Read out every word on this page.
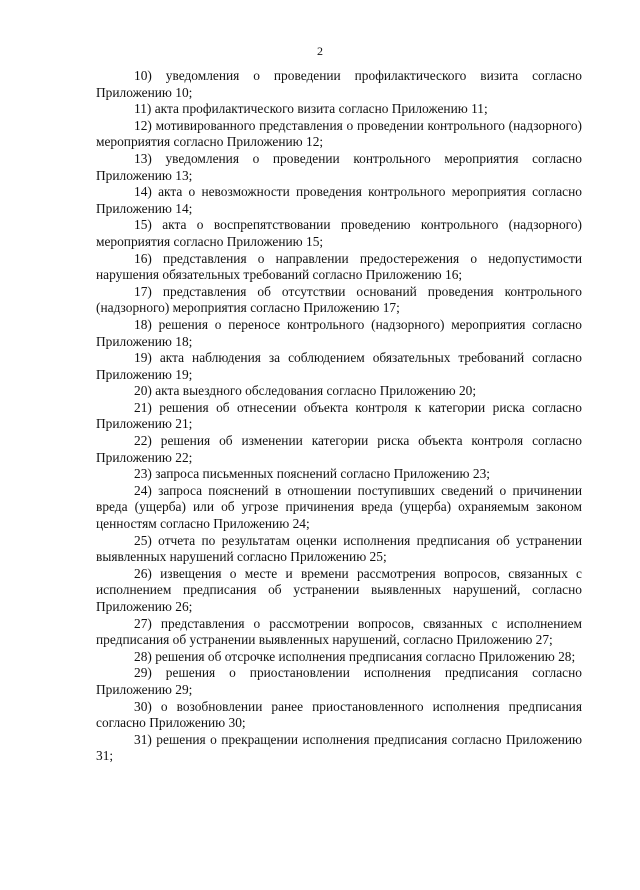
2

10) уведомления о проведении профилактического визита согласно Приложению 10;

11) акта профилактического визита согласно Приложению 11;

12) мотивированного представления о проведении контрольного (надзорного) мероприятия согласно Приложению 12;

13) уведомления о проведении контрольного мероприятия согласно Приложению 13;

14) акта о невозможности проведения контрольного мероприятия согласно Приложению 14;

15) акта о воспрепятствовании проведению контрольного (надзорного) мероприятия согласно Приложению 15;

16) представления о направлении предостережения о недопустимости нарушения обязательных требований согласно Приложению 16;

17) представления об отсутствии оснований проведения контрольного (надзорного) мероприятия согласно Приложению 17;

18) решения о переносе контрольного (надзорного) мероприятия согласно Приложению 18;

19) акта наблюдения за соблюдением обязательных требований согласно Приложению 19;

20) акта выездного обследования согласно Приложению 20;

21) решения об отнесении объекта контроля к категории риска согласно Приложению 21;

22) решения об изменении категории риска объекта контроля согласно Приложению 22;

23) запроса письменных пояснений согласно Приложению 23;

24) запроса пояснений в отношении поступивших сведений о причинении вреда (ущерба) или об угрозе причинения вреда (ущерба) охраняемым законом ценностям согласно Приложению 24;

25) отчета по результатам оценки исполнения предписания об устранении выявленных нарушений согласно Приложению 25;

26) извещения о месте и времени рассмотрения вопросов, связанных с исполнением предписания об устранении выявленных нарушений, согласно Приложению 26;

27) представления о рассмотрении вопросов, связанных с исполнением предписания об устранении выявленных нарушений, согласно Приложению 27;

28) решения об отсрочке исполнения предписания согласно Приложению 28;

29) решения о приостановлении исполнения предписания согласно Приложению 29;

30) о возобновлении ранее приостановленного исполнения предписания согласно Приложению 30;

31) решения о прекращении исполнения предписания согласно Приложению 31;
